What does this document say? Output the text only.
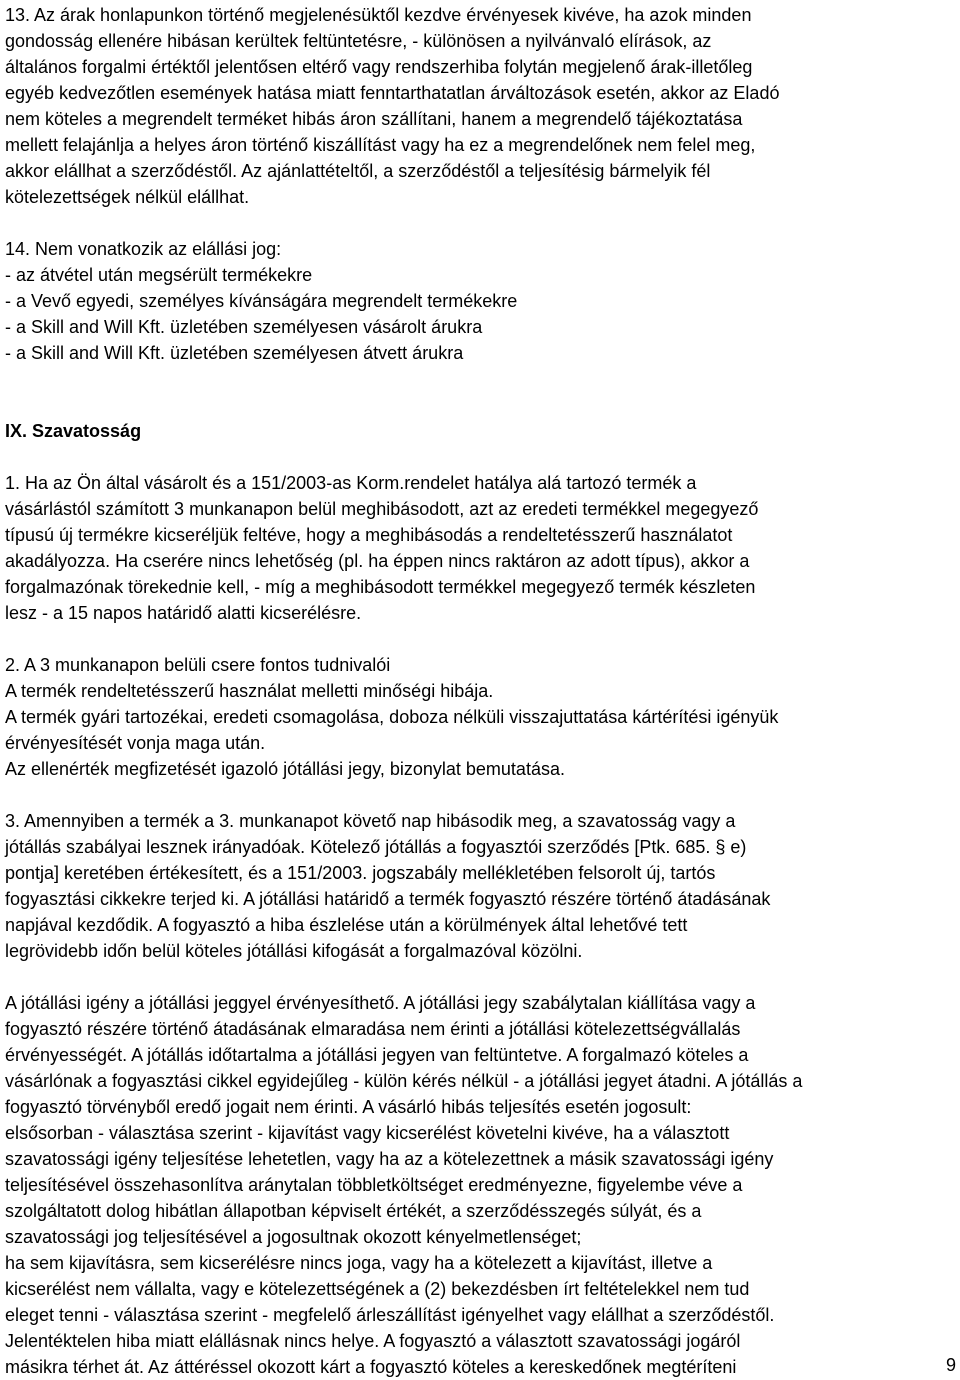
13. Az árak honlapunkon történő megjelenésüktől kezdve érvényesek kivéve, ha azok minden

gondosság ellenére hibásan kerültek feltüntetésre, - különösen a nyilvánvaló elírások, az

általános forgalmi értéktől jelentősen eltérő vagy rendszerhiba folytán megjelenő árak-illetőleg

egyéb kedvezőtlen események hatása miatt fenntarthatatlan árváltozások esetén, akkor az Eladó

nem köteles a megrendelt terméket hibás áron szállítani, hanem a megrendelő tájékoztatása

mellett felajánlja a helyes áron történő kiszállítást vagy ha ez a megrendelőnek nem felel meg,

akkor elállhat a szerződéstől. Az ajánlattételtől, a szerződéstől a teljesítésig bármelyik fél

kötelezettségek nélkül elállhat.

14. Nem vonatkozik az elállási jog:

- az átvétel után megsérült termékekre

- a Vevő egyedi, személyes kívánságára megrendelt termékekre

- a Skill and Will Kft. üzletében személyesen vásárolt árukra

- a Skill and Will Kft. üzletében személyesen átvett árukra

IX. Szavatosság

1. Ha az Ön által vásárolt és a 151/2003-as Korm.rendelet hatálya alá tartozó termék a

vásárlástól számított 3 munkanapon belül meghibásodott, azt az eredeti termékkel megegyező

típusú új termékre kicseréljük feltéve, hogy a meghibásodás a rendeltetésszerű használatot

akadályozza. Ha cserére nincs lehetőség (pl. ha éppen nincs raktáron az adott típus), akkor a

forgalmazónak törekednie kell, - míg a meghibásodott termékkel megegyező termék készleten

lesz - a 15 napos határidő alatti kicserélésre.

2. A 3 munkanapon belüli csere fontos tudnivalói

A termék rendeltetésszerű használat melletti minőségi hibája.

A termék gyári tartozékai, eredeti csomagolása, doboza nélküli visszajuttatása kártérítési igényük

érvényesítését vonja maga után.

Az ellenérték megfizetését igazoló jótállási jegy, bizonylat bemutatása.

3. Amennyiben a termék a 3. munkanapot követő nap hibásodik meg, a szavatosság vagy a

jótállás szabályai lesznek irányadóak. Kötelező jótállás a fogyasztói szerződés [Ptk. 685. § e)

pontja] keretében értékesített, és a 151/2003. jogszabály mellékletében felsorolt új, tartós

fogyasztási cikkekre terjed ki. A jótállási határidő a termék fogyasztó részére történő átadásának

napjával kezdődik. A fogyasztó a hiba észlelése után a körülmények által lehetővé tett

legrövidebb időn belül köteles jótállási kifogását a forgalmazóval közölni.

A jótállási igény a jótállási jeggyel érvényesíthető. A jótállási jegy szabálytalan kiállítása vagy a

fogyasztó részére történő átadásának elmaradása nem érinti a jótállási kötelezettségvállalás

érvényességét. A jótállás időtartalma a jótállási jegyen van feltüntetve. A forgalmazó köteles a

vásárlónak a fogyasztási cikkel egyidejűleg - külön kérés nélkül - a jótállási jegyet átadni. A jótállás a

fogyasztó törvényből eredő jogait nem érinti. A vásárló hibás teljesítés esetén jogosult:

elsősorban - választása szerint - kijavítást vagy kicserélést követelni kivéve, ha a választott

szavatossági igény teljesítése lehetetlen, vagy ha az a kötelezettnek a másik szavatossági igény

teljesítésével összehasonlítva aránytalan többletköltséget eredményezne, figyelembe véve a

szolgáltatott dolog hibátlan állapotban képviselt értékét, a szerződésszegés súlyát, és a

szavatossági jog teljesítésével a jogosultnak okozott kényelmetlenséget;

ha sem kijavításra, sem kicserélésre nincs joga, vagy ha a kötelezett a kijavítást, illetve a

kicserélést nem vállalta, vagy e kötelezettségének a (2) bekezdésben írt feltételekkel nem tud

eleget tenni - választása szerint - megfelelő árleszállítást igényelhet vagy elállhat a szerződéstől.

Jelentéktelen hiba miatt elállásnak nincs helye. A fogyasztó a választott szavatossági jogáról

másikra térhet át. Az áttéréssel okozott kárt a fogyasztó köteles a kereskedőnek megtéríteni	9
